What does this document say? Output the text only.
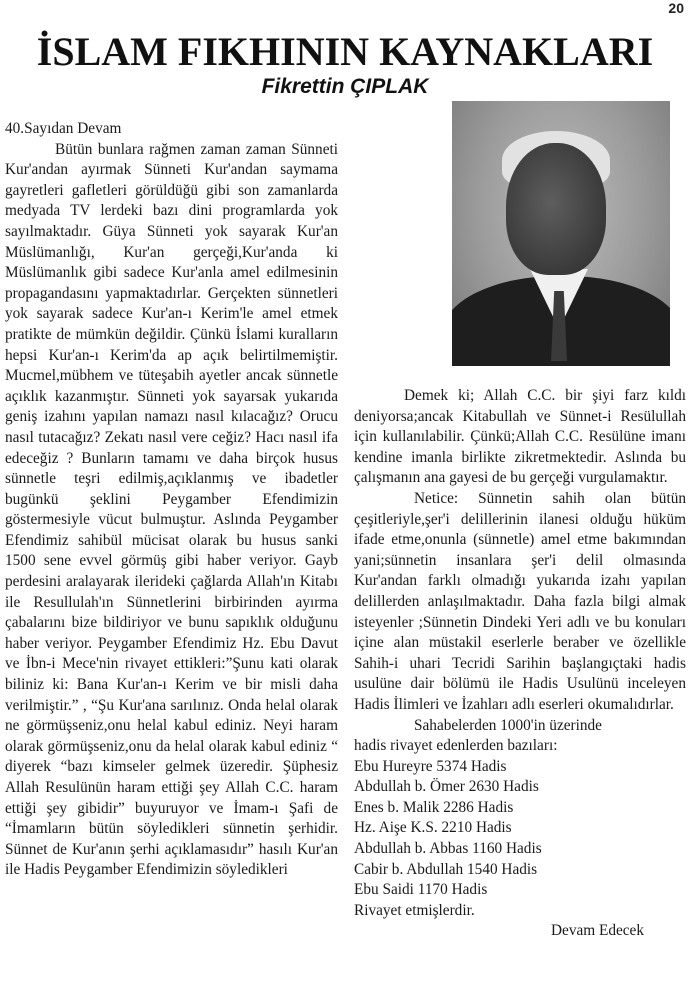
20
İSLAM FIKHININ KAYNAKLARI
Fikrettin ÇIPLAK

40.Sayıdan Devam

Bütün bunlara rağmen zaman zaman Sünneti Kur'andan ayırmak Sünneti Kur'andan saymama gayretleri gafletleri görüldüğü gibi son zamanlarda medyada TV lerdeki bazı dini programlarda yok sayılmaktadır. Güya Sünneti yok sayarak Kur'an Müslümanlığı, Kur'an gerçeği,Kur'anda ki Müslümanlık gibi sadece Kur'anla amel edilmesinin propagandasını yapmaktadırlar. Gerçekten sünnetleri yok sayarak sadece Kur'an-ı Kerim'le amel etmek pratikte de mümkün değildir. Çünkü İslami kuralların hepsi Kur'an-ı Kerim'da ap açık belirtilmemiştir. Mucmel,mübhem ve tüteşabih ayetler ancak sünnetle açıklık kazanmıştır. Sünneti yok sayarsak yukarıda geniş izahını yapılan namazı nasıl kılacağız? Orucu nasıl tutacağız? Zekatı nasıl vere ceğiz? Hacı nasıl ifa edeceğiz ? Bunların tamamı ve daha birçok husus sünnetle teşri edilmiş,açıklanmış ve ibadetler bugünkü şeklini Peygamber Efendimizin göstermesiyle vücut bulmuştur. Aslında Peygamber Efendimiz sahibül mücisat olarak bu husus sanki 1500 sene evvel görmüş gibi haber veriyor. Gayb perdesini aralayarak ilerideki çağlarda Allah'ın Kitabı ile Resullulah'ın Sünnetlerini birbirinden ayırma çabalarını bize bildiriyor ve bunu sapıklık olduğunu haber veriyor. Peygamber Efendimiz Hz. Ebu Davut ve İbn-i Mece'nin rivayet ettikleri:”Şunu kati olarak biliniz ki: Bana Kur'an-ı Kerim ve bir misli daha verilmiştir.” , “Şu Kur'ana sarılınız. Onda helal olarak ne görmüşseniz,onu helal kabul ediniz. Neyi haram olarak görmüşseniz,onu da helal olarak kabul ediniz “ diyerek “bazı kimseler gelmek üzeredir. Şüphesiz Allah Resulünün haram ettiği şey Allah C.C. haram ettiği şey gibidir” buyuruyor ve İmam-ı Şafi de “İmamların bütün söyledikleri sünnetin şerhidir. Sünnet de Kur'anın şerhi açıklamasıdır” hasılı Kur'an ile Hadis Peygamber Efendimizin söyledikleri

Demek ki; Allah C.C. bir şiyi farz kıldı deniyorsa;ancak Kitabullah ve Sünnet-i Resülullah için kullanılabilir. Çünkü;Allah C.C. Resülüne imanı kendine imanla birlikte zikretmektedir. Aslında bu çalışmanın ana gayesi de bu gerçeği vurgulamaktır.

Netice: Sünnetin sahih olan bütün çeşitleriyle,şer'i delillerinin ilanesi olduğu hüküm ifade etme,onunla (sünnetle) amel etme bakımından yani;sünnetin insanlara şer'i delil olmasında Kur'andan farklı olmadığı yukarıda izahı yapılan delillerden anlaşılmaktadır. Daha fazla bilgi almak isteyenler ;Sünnetin Dindeki Yeri adlı ve bu konuları içine alan müstakil eserlerle beraber ve özellikle Sahih-i uhari Tecridi Sarihin başlangıçtaki hadis usulüne dair bölümü ile Hadis Usulünü inceleyen Hadis İlimleri ve İzahları adlı eserleri okumalıdırlar.

Sahabelerden 1000'in üzerinde

hadis rivayet edenlerden bazıları:

Ebu Hureyre 5374 Hadis

Abdullah b. Ömer 2630 Hadis

Enes b. Malik 2286 Hadis

Hz. Aişe K.S. 2210 Hadis

Abdullah b. Abbas 1160 Hadis

Cabir b. Abdullah 1540 Hadis

Ebu Saidi 1170 Hadis

Rivayet etmişlerdir.

Devam Edecek
